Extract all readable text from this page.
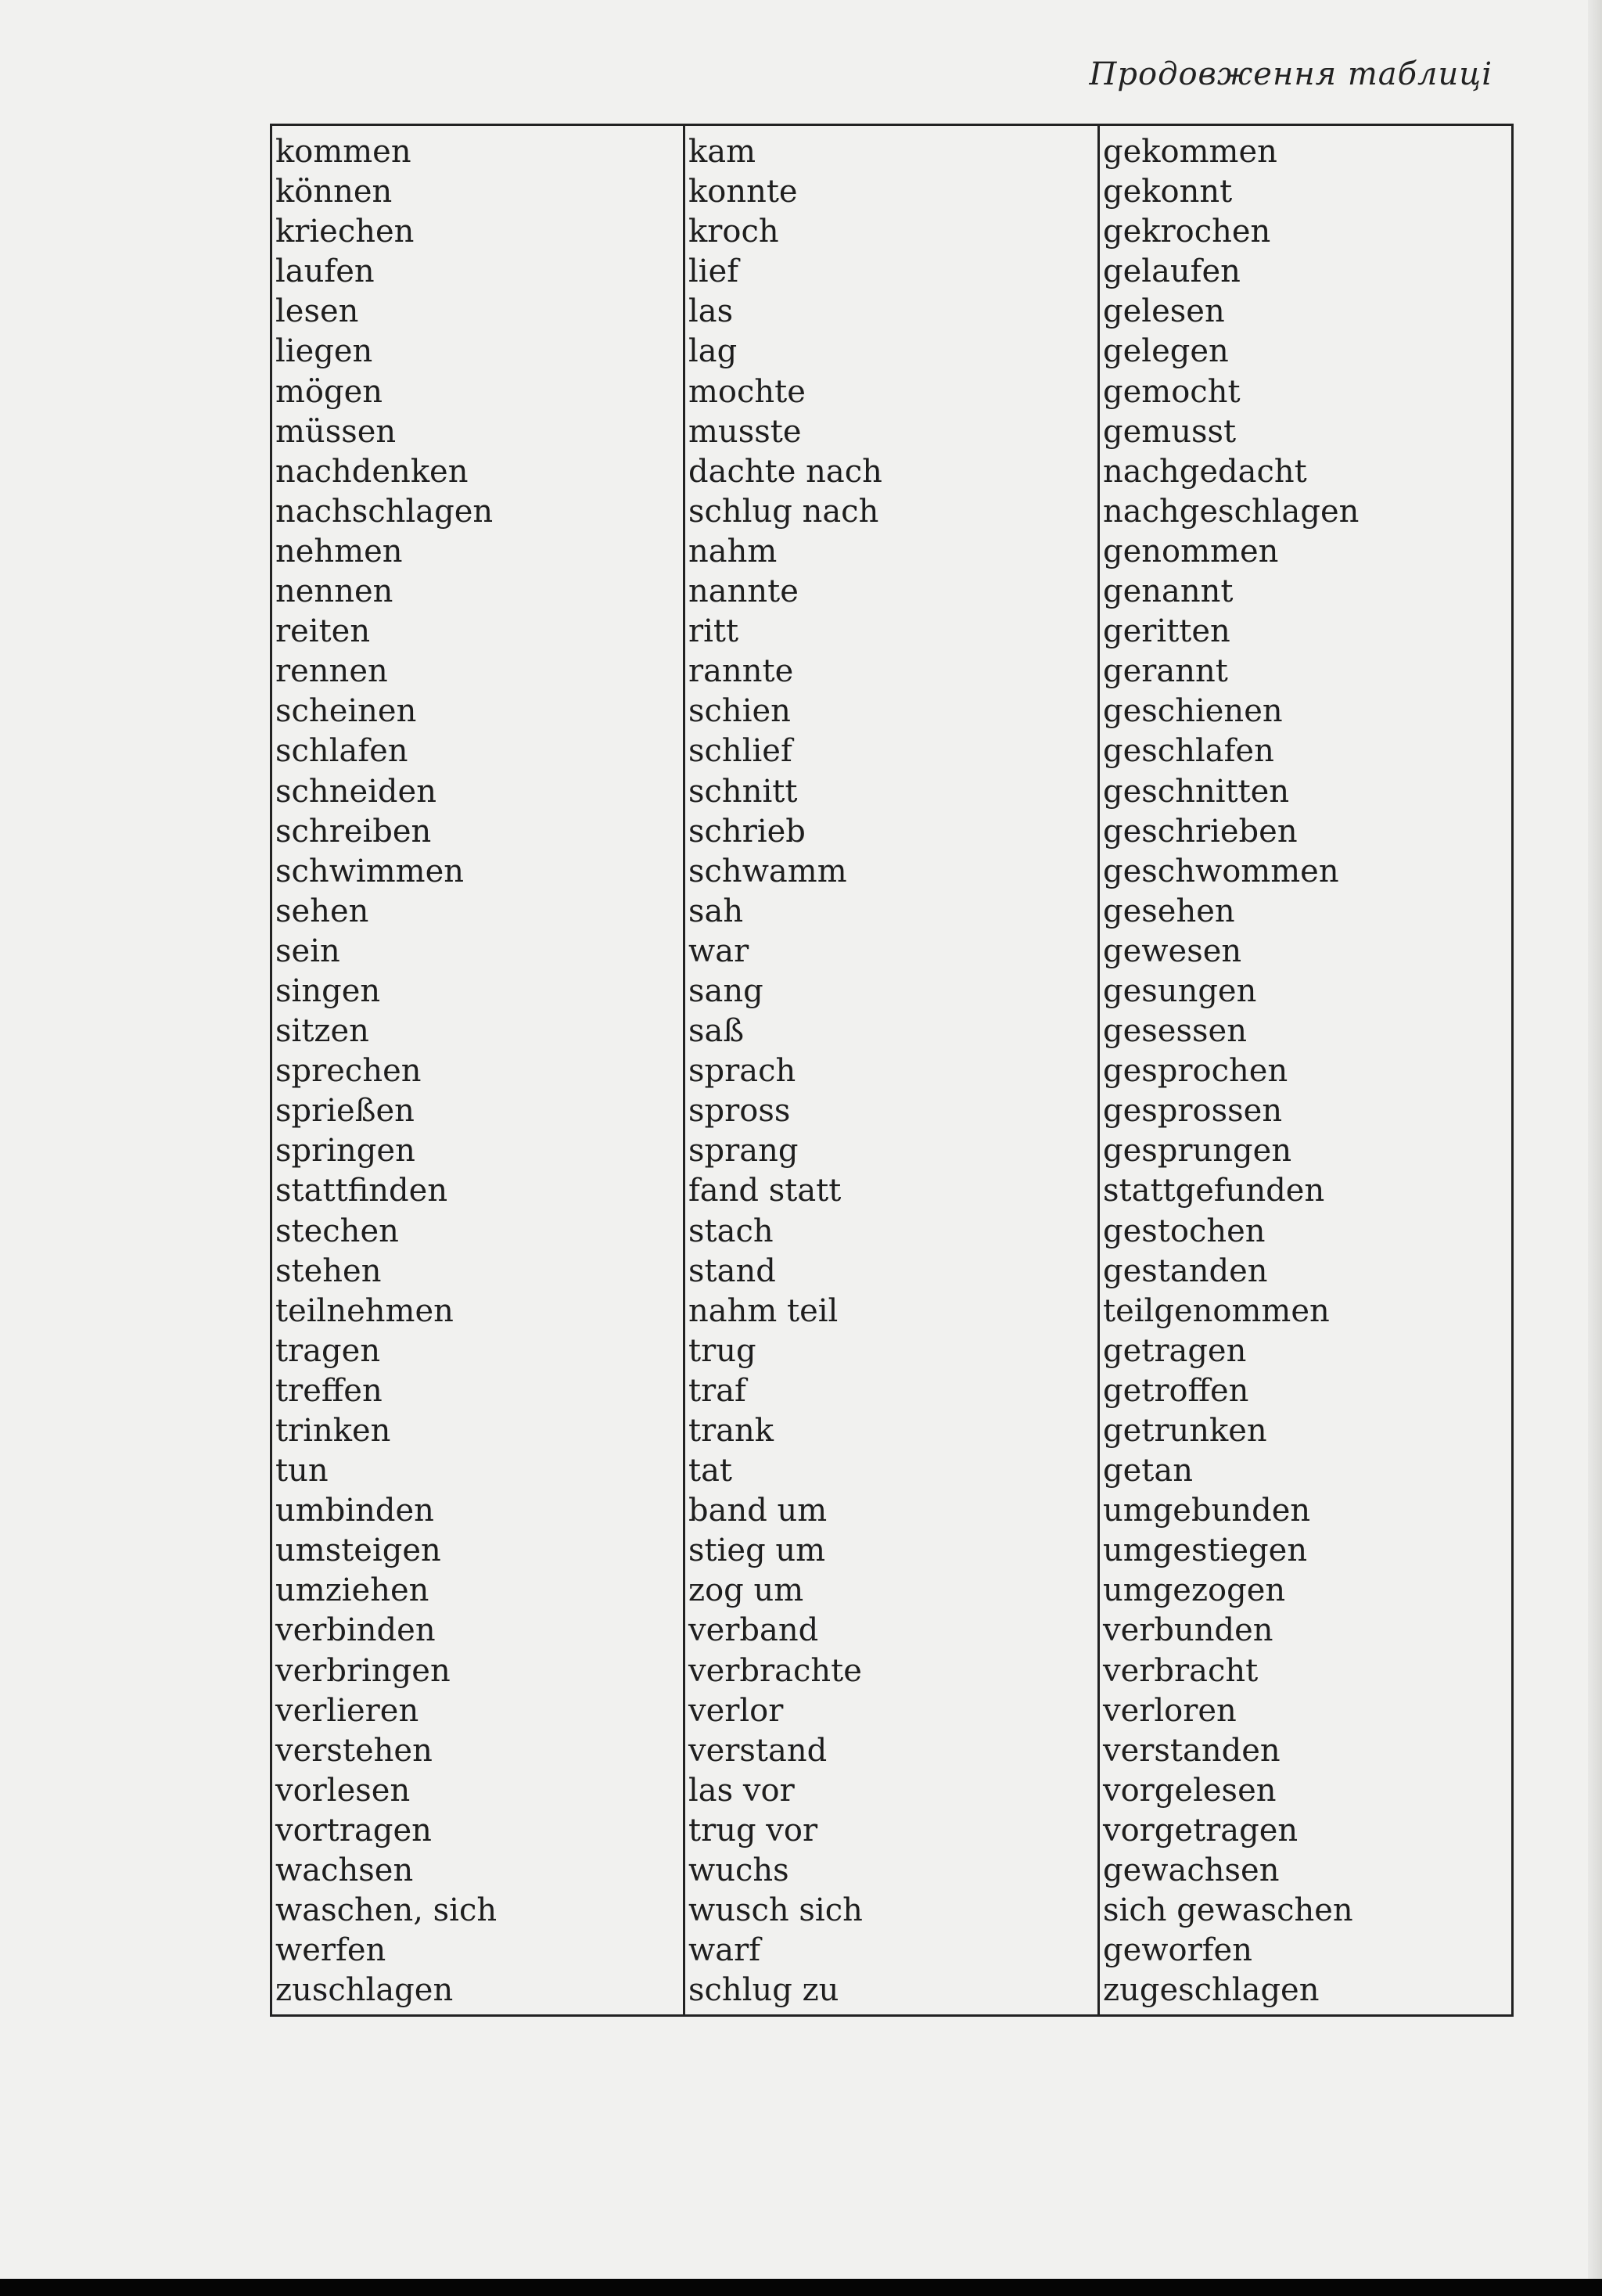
Продовження таблиці
kommen
können
kriechen
laufen
lesen
liegen
mögen
müssen
nachdenken
nachschlagen
nehmen
nennen
reiten
rennen
scheinen
schlafen
schneiden
schreiben
schwimmen
sehen
sein
singen
sitzen
sprechen
sprießen
springen
stattfinden
stechen
stehen
teilnehmen
tragen
treffen
trinken
tun
umbinden
umsteigen
umziehen
verbinden
verbringen
verlieren
verstehen
vorlesen
vortragen
wachsen
waschen, sich
werfen
zuschlagen
kam
konnte
kroch
lief
las
lag
mochte
musste
dachte nach
schlug nach
nahm
nannte
ritt
rannte
schien
schlief
schnitt
schrieb
schwamm
sah
war
sang
saß
sprach
spross
sprang
fand statt
stach
stand
nahm teil
trug
traf
trank
tat
band um
stieg um
zog um
verband
verbrachte
verlor
verstand
las vor
trug vor
wuchs
wusch sich
warf
schlug zu
gekommen
gekonnt
gekrochen
gelaufen
gelesen
gelegen
gemocht
gemusst
nachgedacht
nachgeschlagen
genommen
genannt
geritten
gerannt
geschienen
geschlafen
geschnitten
geschrieben
geschwommen
gesehen
gewesen
gesungen
gesessen
gesprochen
gesprossen
gesprungen
stattgefunden
gestochen
gestanden
teilgenommen
getragen
getroffen
getrunken
getan
umgebunden
umgestiegen
umgezogen
verbunden
verbracht
verloren
verstanden
vorgelesen
vorgetragen
gewachsen
sich gewaschen
geworfen
zugeschlagen
